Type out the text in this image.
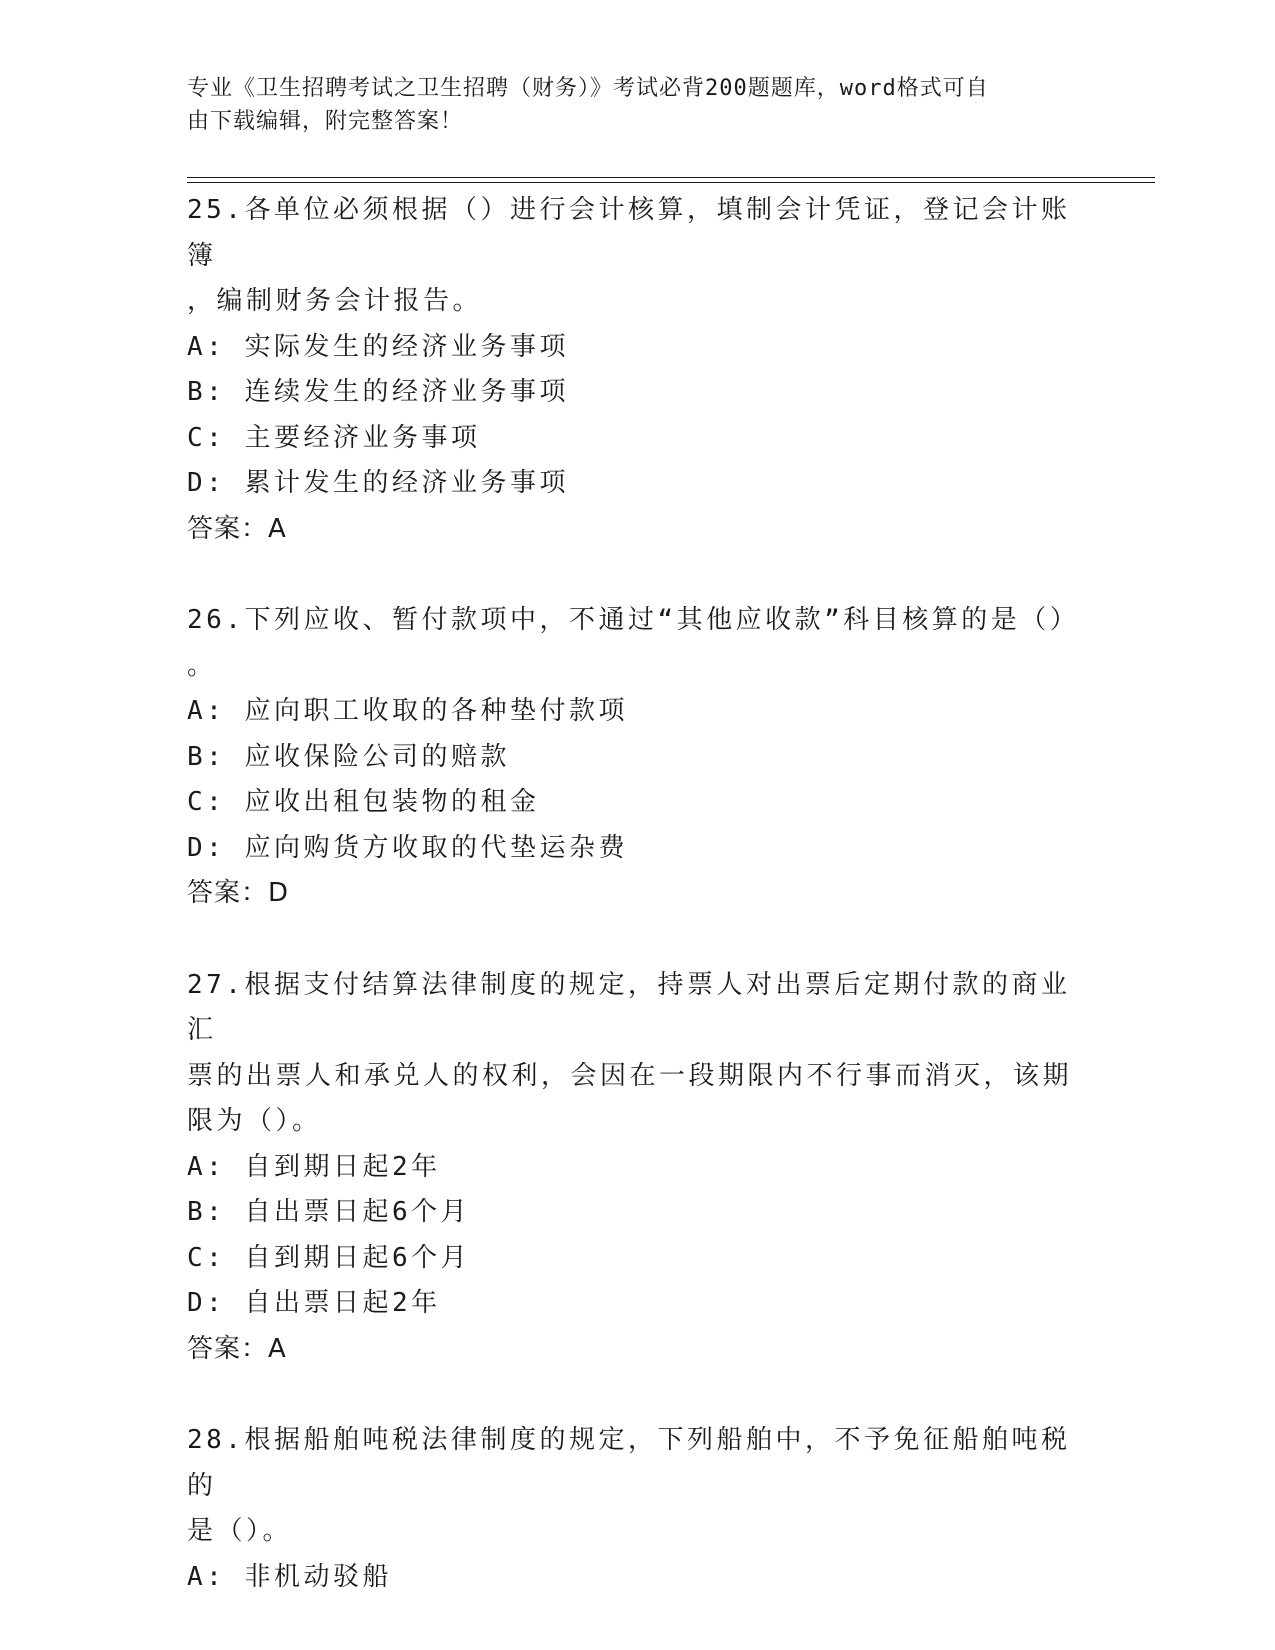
专业《卫生招聘考试之卫生招聘（财务）》考试必背200题题库，word格式可自
由下载编辑，附完整答案！
25.各单位必须根据（）进行会计核算，填制会计凭证，登记会计账簿
，编制财务会计报告。
A: 实际发生的经济业务事项
B: 连续发生的经济业务事项
C: 主要经济业务事项
D: 累计发生的经济业务事项
答案：A
26.下列应收、暂付款项中，不通过“其他应收款”科目核算的是（）
。
A: 应向职工收取的各种垫付款项
B: 应收保险公司的赔款
C: 应收出租包装物的租金
D: 应向购货方收取的代垫运杂费
答案：D
27.根据支付结算法律制度的规定，持票人对出票后定期付款的商业汇
票的出票人和承兑人的权利，会因在一段期限内不行事而消灭，该期
限为（）。
A: 自到期日起2年
B: 自出票日起6个月
C: 自到期日起6个月
D: 自出票日起2年
答案：A
28.根据船舶吨税法律制度的规定，下列船舶中，不予免征船舶吨税的
是（）。
A: 非机动驳船
